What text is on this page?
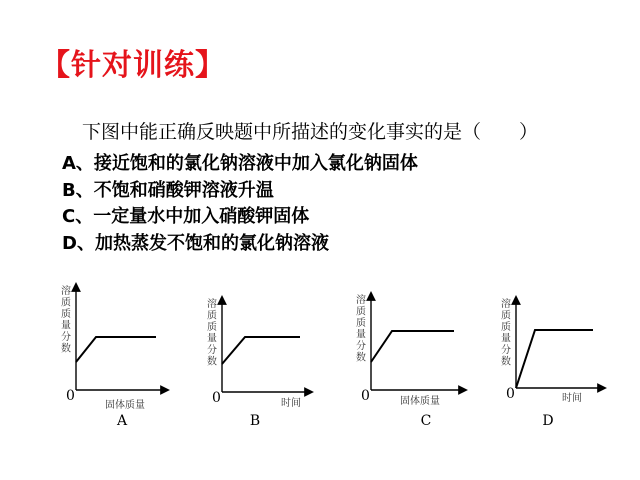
【针对训练】
下图中能正确反映题中所描述的变化事实的是（　　）
A、接近饱和的氯化钠溶液中加入氯化钠固体
B、不饱和硝酸钾溶液升温
C、一定量水中加入硝酸钾固体
D、加热蒸发不饱和的氯化钠溶液
溶质质量分数
0
固体质量
A
溶质质量分数
0	时间
B
溶质质量分数
0	固体质量
C
溶质质量分数
0	时间
D
